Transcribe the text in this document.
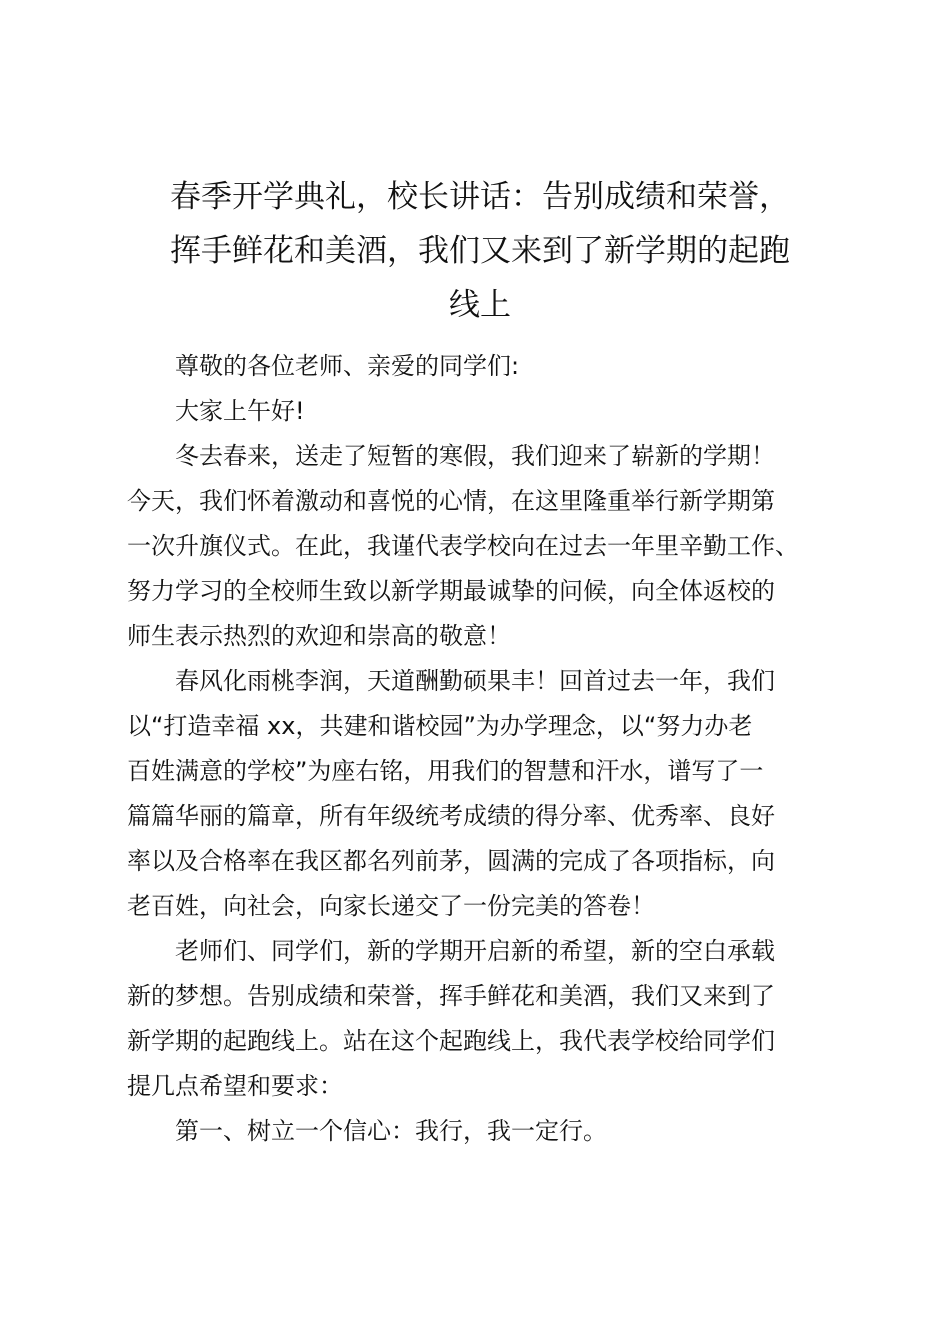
春季开学典礼，校长讲话：告别成绩和荣誉，
挥手鲜花和美酒，我们又来到了新学期的起跑
线上

尊敬的各位老师、亲爱的同学们:

大家上午好!

冬去春来，送走了短暂的寒假，我们迎来了崭新的学期！
今天，我们怀着激动和喜悦的心情，在这里隆重举行新学期第
一次升旗仪式。在此，我谨代表学校向在过去一年里辛勤工作、
努力学习的全校师生致以新学期最诚挚的问候，向全体返校的
师生表示热烈的欢迎和崇高的敬意！

春风化雨桃李润，天道酬勤硕果丰！回首过去一年，我们
以“打造幸福 xx，共建和谐校园”为办学理念，以“努力办老
百姓满意的学校”为座右铭，用我们的智慧和汗水，谱写了一
篇篇华丽的篇章，所有年级统考成绩的得分率、优秀率、良好
率以及合格率在我区都名列前茅，圆满的完成了各项指标，向
老百姓，向社会，向家长递交了一份完美的答卷！

老师们、同学们，新的学期开启新的希望，新的空白承载
新的梦想。告别成绩和荣誉，挥手鲜花和美酒，我们又来到了
新学期的起跑线上。站在这个起跑线上，我代表学校给同学们
提几点希望和要求：

第一、树立一个信心：我行，我一定行。
